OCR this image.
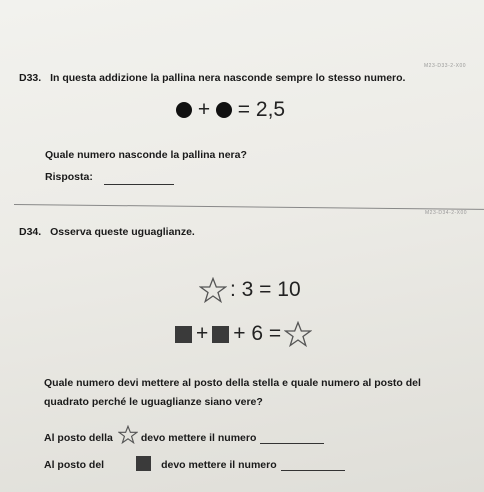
M23-D33-2-X00
D33. In questa addizione la pallina nera nasconde sempre lo stesso numero.
+ = 2,5
Quale numero nasconde la pallina nera?
Risposta:
M23-D34-2-X00
D34. Osserva queste uguaglianze.
: 3 = 10
+ + 6 =
Quale numero devi mettere al posto della stella e quale numero al posto del
quadrato perché le uguaglianze siano vere?
Al posto della	devo mettere il numero
Al posto del	devo mettere il numero
